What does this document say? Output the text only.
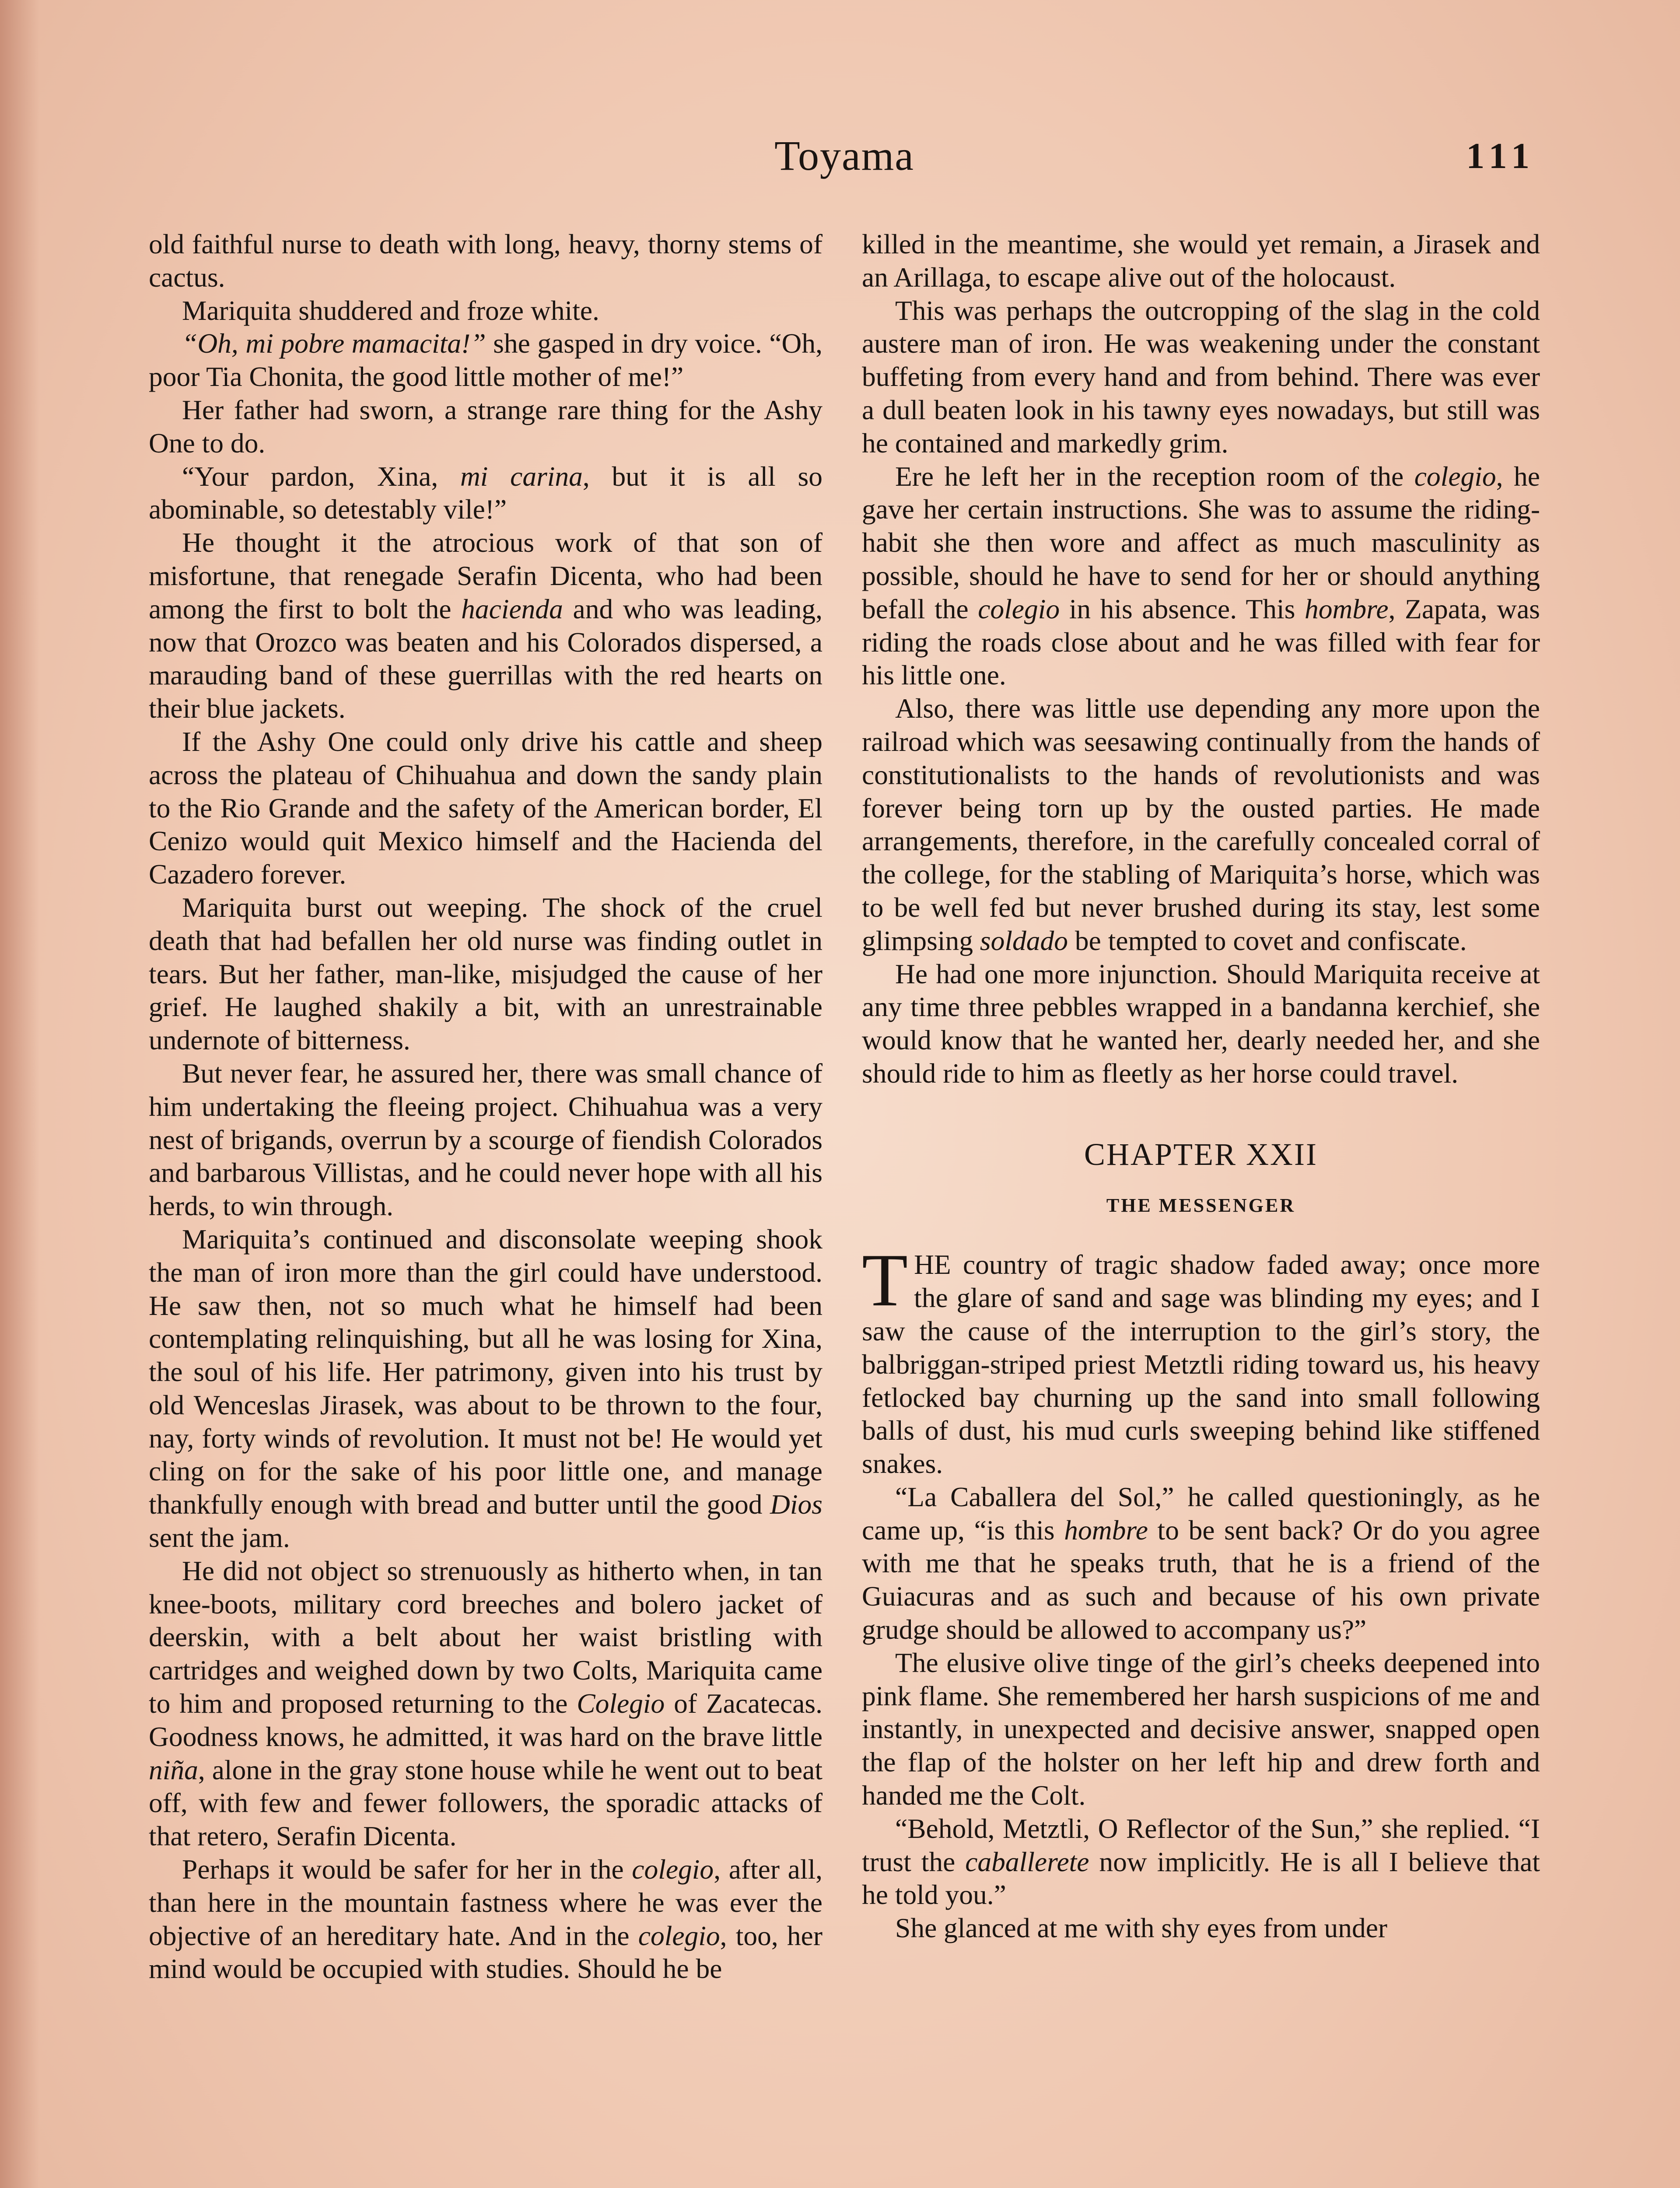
Toyama	111

old faithful nurse to death with long, heavy, thorny stems of cactus.

Mariquita shuddered and froze white.

“Oh, mi pobre mamacita!” she gasped in dry voice. “Oh, poor Tia Chonita, the good little mother of me!”

Her father had sworn, a strange rare thing for the Ashy One to do.

“Your pardon, Xina, mi carina, but it is all so abominable, so detestably vile!”

He thought it the atrocious work of that son of misfortune, that renegade Serafin Dicenta, who had been among the first to bolt the hacienda and who was leading, now that Orozco was beaten and his Colorados dispersed, a marauding band of these guerrillas with the red hearts on their blue jackets.

If the Ashy One could only drive his cattle and sheep across the plateau of Chihuahua and down the sandy plain to the Rio Grande and the safety of the American border, El Cenizo would quit Mexico himself and the Hacienda del Cazadero forever.

Mariquita burst out weeping. The shock of the cruel death that had befallen her old nurse was finding outlet in tears. But her father, man-like, misjudged the cause of her grief. He laughed shakily a bit, with an unrestrainable undernote of bitterness.

But never fear, he assured her, there was small chance of him undertaking the fleeing project. Chihuahua was a very nest of brigands, overrun by a scourge of fiendish Colorados and barbarous Villistas, and he could never hope with all his herds, to win through.

Mariquita’s continued and disconsolate weeping shook the man of iron more than the girl could have understood. He saw then, not so much what he himself had been contemplating relinquishing, but all he was losing for Xina, the soul of his life. Her patrimony, given into his trust by old Wenceslas Jirasek, was about to be thrown to the four, nay, forty winds of revolution. It must not be! He would yet cling on for the sake of his poor little one, and manage thankfully enough with bread and butter until the good Dios sent the jam.

He did not object so strenuously as hitherto when, in tan knee-boots, military cord breeches and bolero jacket of deerskin, with a belt about her waist bristling with cartridges and weighed down by two Colts, Mariquita came to him and proposed returning to the Colegio of Zacatecas. Goodness knows, he admitted, it was hard on the brave little niña, alone in the gray stone house while he went out to beat off, with few and fewer followers, the sporadic attacks of that retero, Serafin Dicenta.

Perhaps it would be safer for her in the colegio, after all, than here in the mountain fastness where he was ever the objective of an hereditary hate. And in the colegio, too, her mind would be occupied with studies. Should he be

killed in the meantime, she would yet remain, a Jirasek and an Arillaga, to escape alive out of the holocaust.

This was perhaps the outcropping of the slag in the cold austere man of iron. He was weakening under the constant buffeting from every hand and from behind. There was ever a dull beaten look in his tawny eyes nowadays, but still was he contained and markedly grim.

Ere he left her in the reception room of the colegio, he gave her certain instructions. She was to assume the riding-habit she then wore and affect as much masculinity as possible, should he have to send for her or should anything befall the colegio in his absence. This hombre, Zapata, was riding the roads close about and he was filled with fear for his little one.

Also, there was little use depending any more upon the railroad which was seesawing continually from the hands of constitutionalists to the hands of revolutionists and was forever being torn up by the ousted parties. He made arrangements, therefore, in the carefully concealed corral of the college, for the stabling of Mariquita’s horse, which was to be well fed but never brushed during its stay, lest some glimpsing soldado be tempted to covet and confiscate.

He had one more injunction. Should Mariquita receive at any time three pebbles wrapped in a bandanna kerchief, she would know that he wanted her, dearly needed her, and she should ride to him as fleetly as her horse could travel.

CHAPTER XXII
THE MESSENGER

THE country of tragic shadow faded away; once more the glare of sand and sage was blinding my eyes; and I saw the cause of the interruption to the girl’s story, the balbriggan-striped priest Metztli riding toward us, his heavy fetlocked bay churning up the sand into small following balls of dust, his mud curls sweeping behind like stiffened snakes.

“La Caballera del Sol,” he called questioningly, as he came up, “is this hombre to be sent back? Or do you agree with me that he speaks truth, that he is a friend of the Guiacuras and as such and because of his own private grudge should be allowed to accompany us?”

The elusive olive tinge of the girl’s cheeks deepened into pink flame. She remembered her harsh suspicions of me and instantly, in unexpected and decisive answer, snapped open the flap of the holster on her left hip and drew forth and handed me the Colt.

“Behold, Metztli, O Reflector of the Sun,” she replied. “I trust the caballerete now implicitly. He is all I believe that he told you.”

She glanced at me with shy eyes from under
